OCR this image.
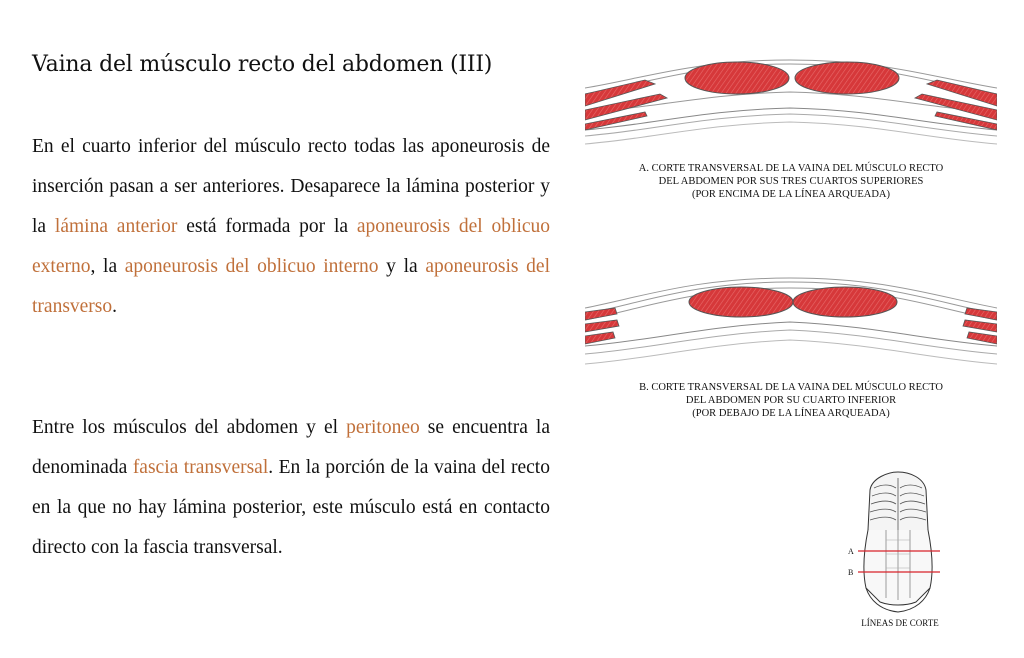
Vaina del músculo recto del abdomen (III)

En el cuarto inferior del músculo recto todas las aponeurosis de inserción pasan a ser anteriores. Desaparece la lámina posterior y la lámina anterior está formada por la aponeurosis del oblicuo externo, la aponeurosis del oblicuo interno y la aponeurosis del transverso.

Entre los músculos del abdomen y el peritoneo se encuentra la denominada fascia transversal. En la porción de la vaina del recto en la que no hay lámina posterior, este músculo está en contacto directo con la fascia transversal.

A. CORTE TRANSVERSAL DE LA VAINA DEL MÚSCULO RECTO
DEL ABDOMEN POR SUS TRES CUARTOS SUPERIORES
(POR ENCIMA DE LA LÍNEA ARQUEADA)

B. CORTE TRANSVERSAL DE LA VAINA DEL MÚSCULO RECTO
DEL ABDOMEN POR SU CUARTO INFERIOR
(POR DEBAJO DE LA LÍNEA ARQUEADA)

A
B

LÍNEAS DE CORTE
